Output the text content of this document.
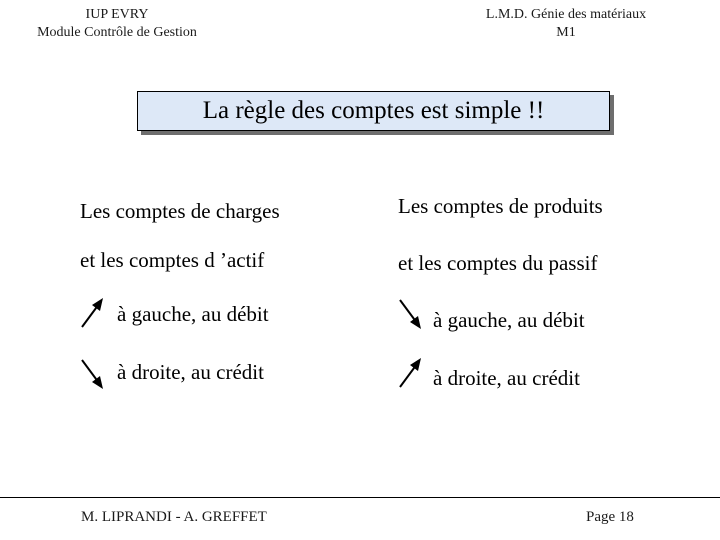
IUP EVRY
Module Contrôle de Gestion
L.M.D. Génie des matériaux
M1
La règle des comptes est simple !!
Les comptes de charges
et les comptes d ’actif
à gauche, au débit
à droite, au crédit
Les comptes de produits
et les comptes du passif
à gauche, au débit
à droite, au crédit
M. LIPRANDI - A. GREFFET	Page 18
